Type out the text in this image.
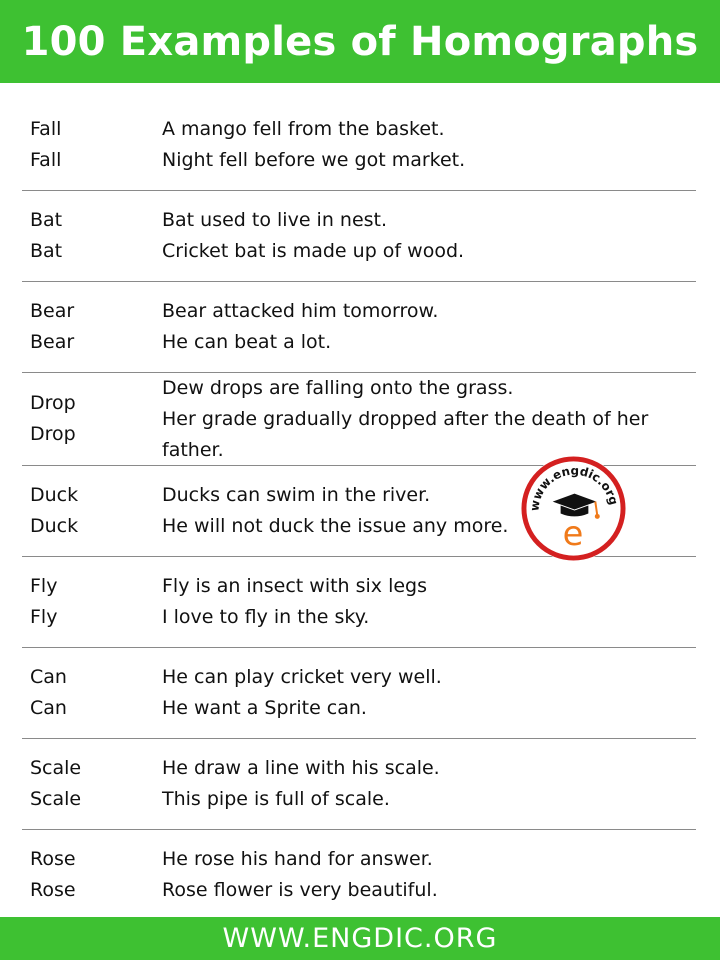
100 Examples of Homographs
Fall
Fall
A mango fell from the basket.
Night fell before we got market.
Bat
Bat
Bat used to live in nest.
Cricket bat is made up of wood.
Bear
Bear
Bear attacked him tomorrow.
He can beat a lot.
Drop
Drop
Dew drops are falling onto the grass.
Her grade gradually dropped after the death of her father.
Duck
Duck
Ducks can swim in the river.
He will not duck the issue any more.
Fly
Fly
Fly is an insect with six legs
I love to fly in the sky.
Can
Can
He can play cricket very well.
He want a Sprite can.
Scale
Scale
He draw a line with his scale.
This pipe is full of scale.
Rose
Rose
He rose his hand for answer.
Rose flower is very beautiful.
www.engdic.org
e
WWW.ENGDIC.ORG
